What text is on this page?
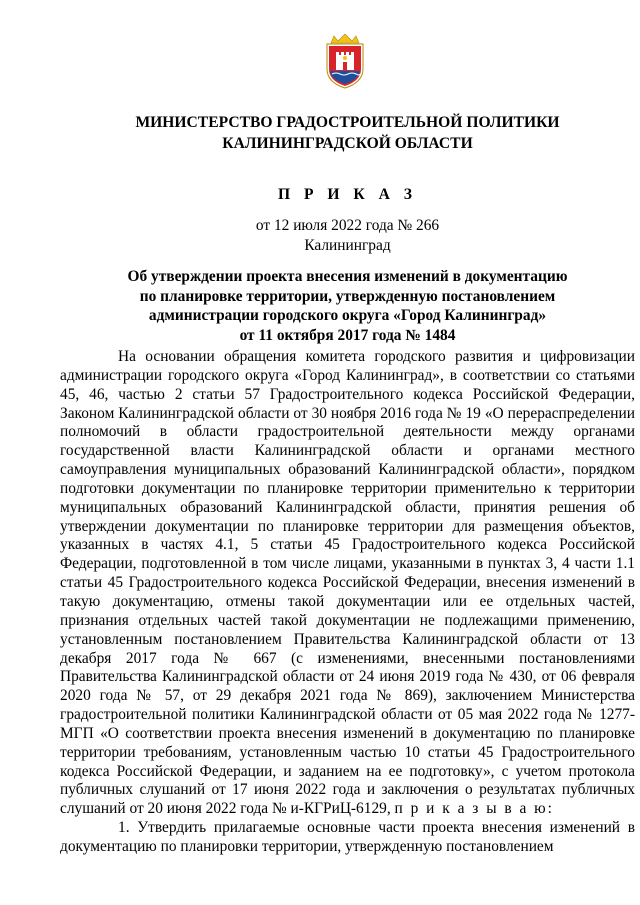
МИНИСТЕРСТВО ГРАДОСТРОИТЕЛЬНОЙ ПОЛИТИКИ
КАЛИНИНГРАДСКОЙ ОБЛАСТИ
П Р И К А З
от 12 июля 2022 года № 266
Калининград
Об утверждении проекта внесения изменений в документацию
по планировке территории, утвержденную постановлением
администрации городского округа «Город Калининград»
от 11 октября 2017 года № 1484

На основании обращения комитета городского развития и цифровизации администрации городского округа «Город Калининград», в соответствии со статьями 45, 46, частью 2 статьи 57 Градостроительного кодекса Российской Федерации, Законом Калининградской области от 30 ноября 2016 года № 19 «О перераспределении полномочий в области градостроительной деятельности между органами государственной власти Калининградской области и органами местного самоуправления муниципальных образований Калининградской области», порядком подготовки документации по планировке территории применительно к территории муниципальных образований Калининградской области, принятия решения об утверждении документации по планировке территории для размещения объектов, указанных в частях 4.1, 5 статьи 45 Градостроительного кодекса Российской Федерации, подготовленной в том числе лицами, указанными в пунктах 3, 4 части 1.1 статьи 45 Градостроительного кодекса Российской Федерации, внесения изменений в такую документацию, отмены такой документации или ее отдельных частей, признания отдельных частей такой документации не подлежащими применению, установленным постановлением Правительства Калининградской области от 13 декабря 2017 года № 667 (с изменениями, внесенными постановлениями Правительства Калининградской области от 24 июня 2019 года № 430, от 06 февраля 2020 года № 57, от 29 декабря 2021 года № 869), заключением Министерства градостроительной политики Калининградской области от 05 мая 2022 года № 1277-МГП «О соответствии проекта внесения изменений в документацию по планировке территории требованиям, установленным частью 10 статьи 45 Градостроительного кодекса Российской Федерации, и заданием на ее подготовку», с учетом протокола публичных слушаний от 17 июня 2022 года и заключения о результатах публичных слушаний от 20 июня 2022 года № и-КГРиЦ-6129, п р и к а з ы в а ю:

1. Утвердить прилагаемые основные части проекта внесения изменений в документацию по планировки территории, утвержденную постановлением
